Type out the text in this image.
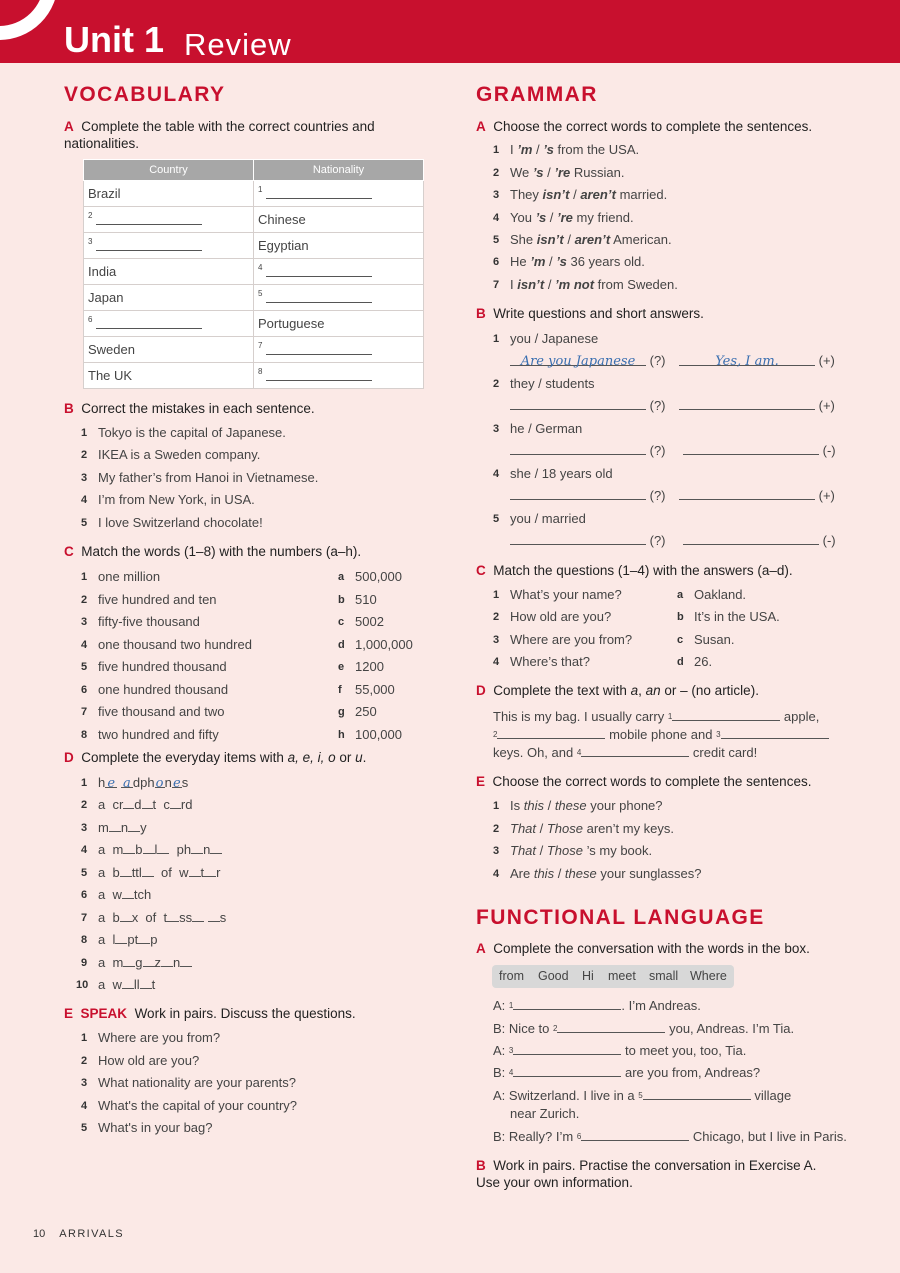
Unit 1 Review
VOCABULARY
A Complete the table with the correct countries and nationalities.
Country	Nationality
Brazil	$^1$
$^2$	Chinese
$^3$	Egyptian
India	$^4$
Japan	$^5$
$^6$	Portuguese
Sweden	$^7$
The UK	$^8$
B Correct the mistakes in each sentence.
1 Tokyo is the capital of Japanese.
2 IKEA is a Sweden company.
3 My father’s from Hanoi in Vietnamese.
4 I’m from New York, in USA.
5 I love Switzerland chocolate!
C Match the words (1–8) with the numbers (a–h).
1 one million	a 500,000
2 five hundred and ten	b 510
3 fifty-five thousand	c 5002
4 one thousand two hundred	d 1,000,000
5 five hundred thousand	e 1200
6 one hundred thousand	f 55,000
7 five thousand and two	g 250
8 two hundred and fifty	h 100,000
D Complete the everyday items with a, e, i, o or u.
1 h e a dphones
2 a  cr d t  c rd
3 m n y
4 a  m b l  ph n
5 a  b ttl  of  w t r
6 a  w tch
7 a  b x  of  t ss s
8 a  l pt p
9 a  m g z n
10 a  w ll t
E SPEAK Work in pairs. Discuss the questions.
1 Where are you from?
2 How old are you?
3 What nationality are your parents?
4 What's the capital of your country?
5 What's in your bag?
GRAMMAR
A Choose the correct words to complete the sentences.
1 I ’m / ’s from the USA.
2 We ’s / ’re Russian.
3 They isn’t / aren’t married.
4 You ’s / ’re my friend.
5 She isn’t / aren’t American.
6 He ’m / ’s 36 years old.
7 I isn’t / ’m not from Sweden.
B Write questions and short answers.
1 you / Japanese
Are you Japanese (?)	Yes, I am.	(+)
2 they / students
(?)	(+)
3 he / German
(?)	(-)
4 she / 18 years old
(?)	(+)
5 you / married
(?)	(-)
C Match the questions (1–4) with the answers (a–d).
1 What’s your name?	a Oakland.
2 How old are you?	b It’s in the USA.
3 Where are you from?	c Susan.
4 Where’s that?	d 26.
D Complete the text with a, an or – (no article).
This is my bag. I usually carry $^1$	apple,
$^2$	mobile phone and $^3$
keys. Oh, and $^4$	credit card!
E Choose the correct words to complete the sentences.
1 Is this / these your phone?
2 That / Those aren’t my keys.
3 That / Those ’s my book.
4 Are this / these your sunglasses?
FUNCTIONAL LANGUAGE
A Complete the conversation with the words in the box.
from Good Hi meet small Where
A: $^1$	. I’m Andreas.
B: Nice to $^2$	you, Andreas. I’m Tia.
A: $^3$	to meet you, too, Tia.
B: $^4$	are you from, Andreas?
A: Switzerland. I live in a $^5$	village
near Zurich.
B: Really? I’m $^6$	Chicago, but I live in Paris.
B Work in pairs. Practise the conversation in Exercise A. Use your own information.
10 ARRIVALS
